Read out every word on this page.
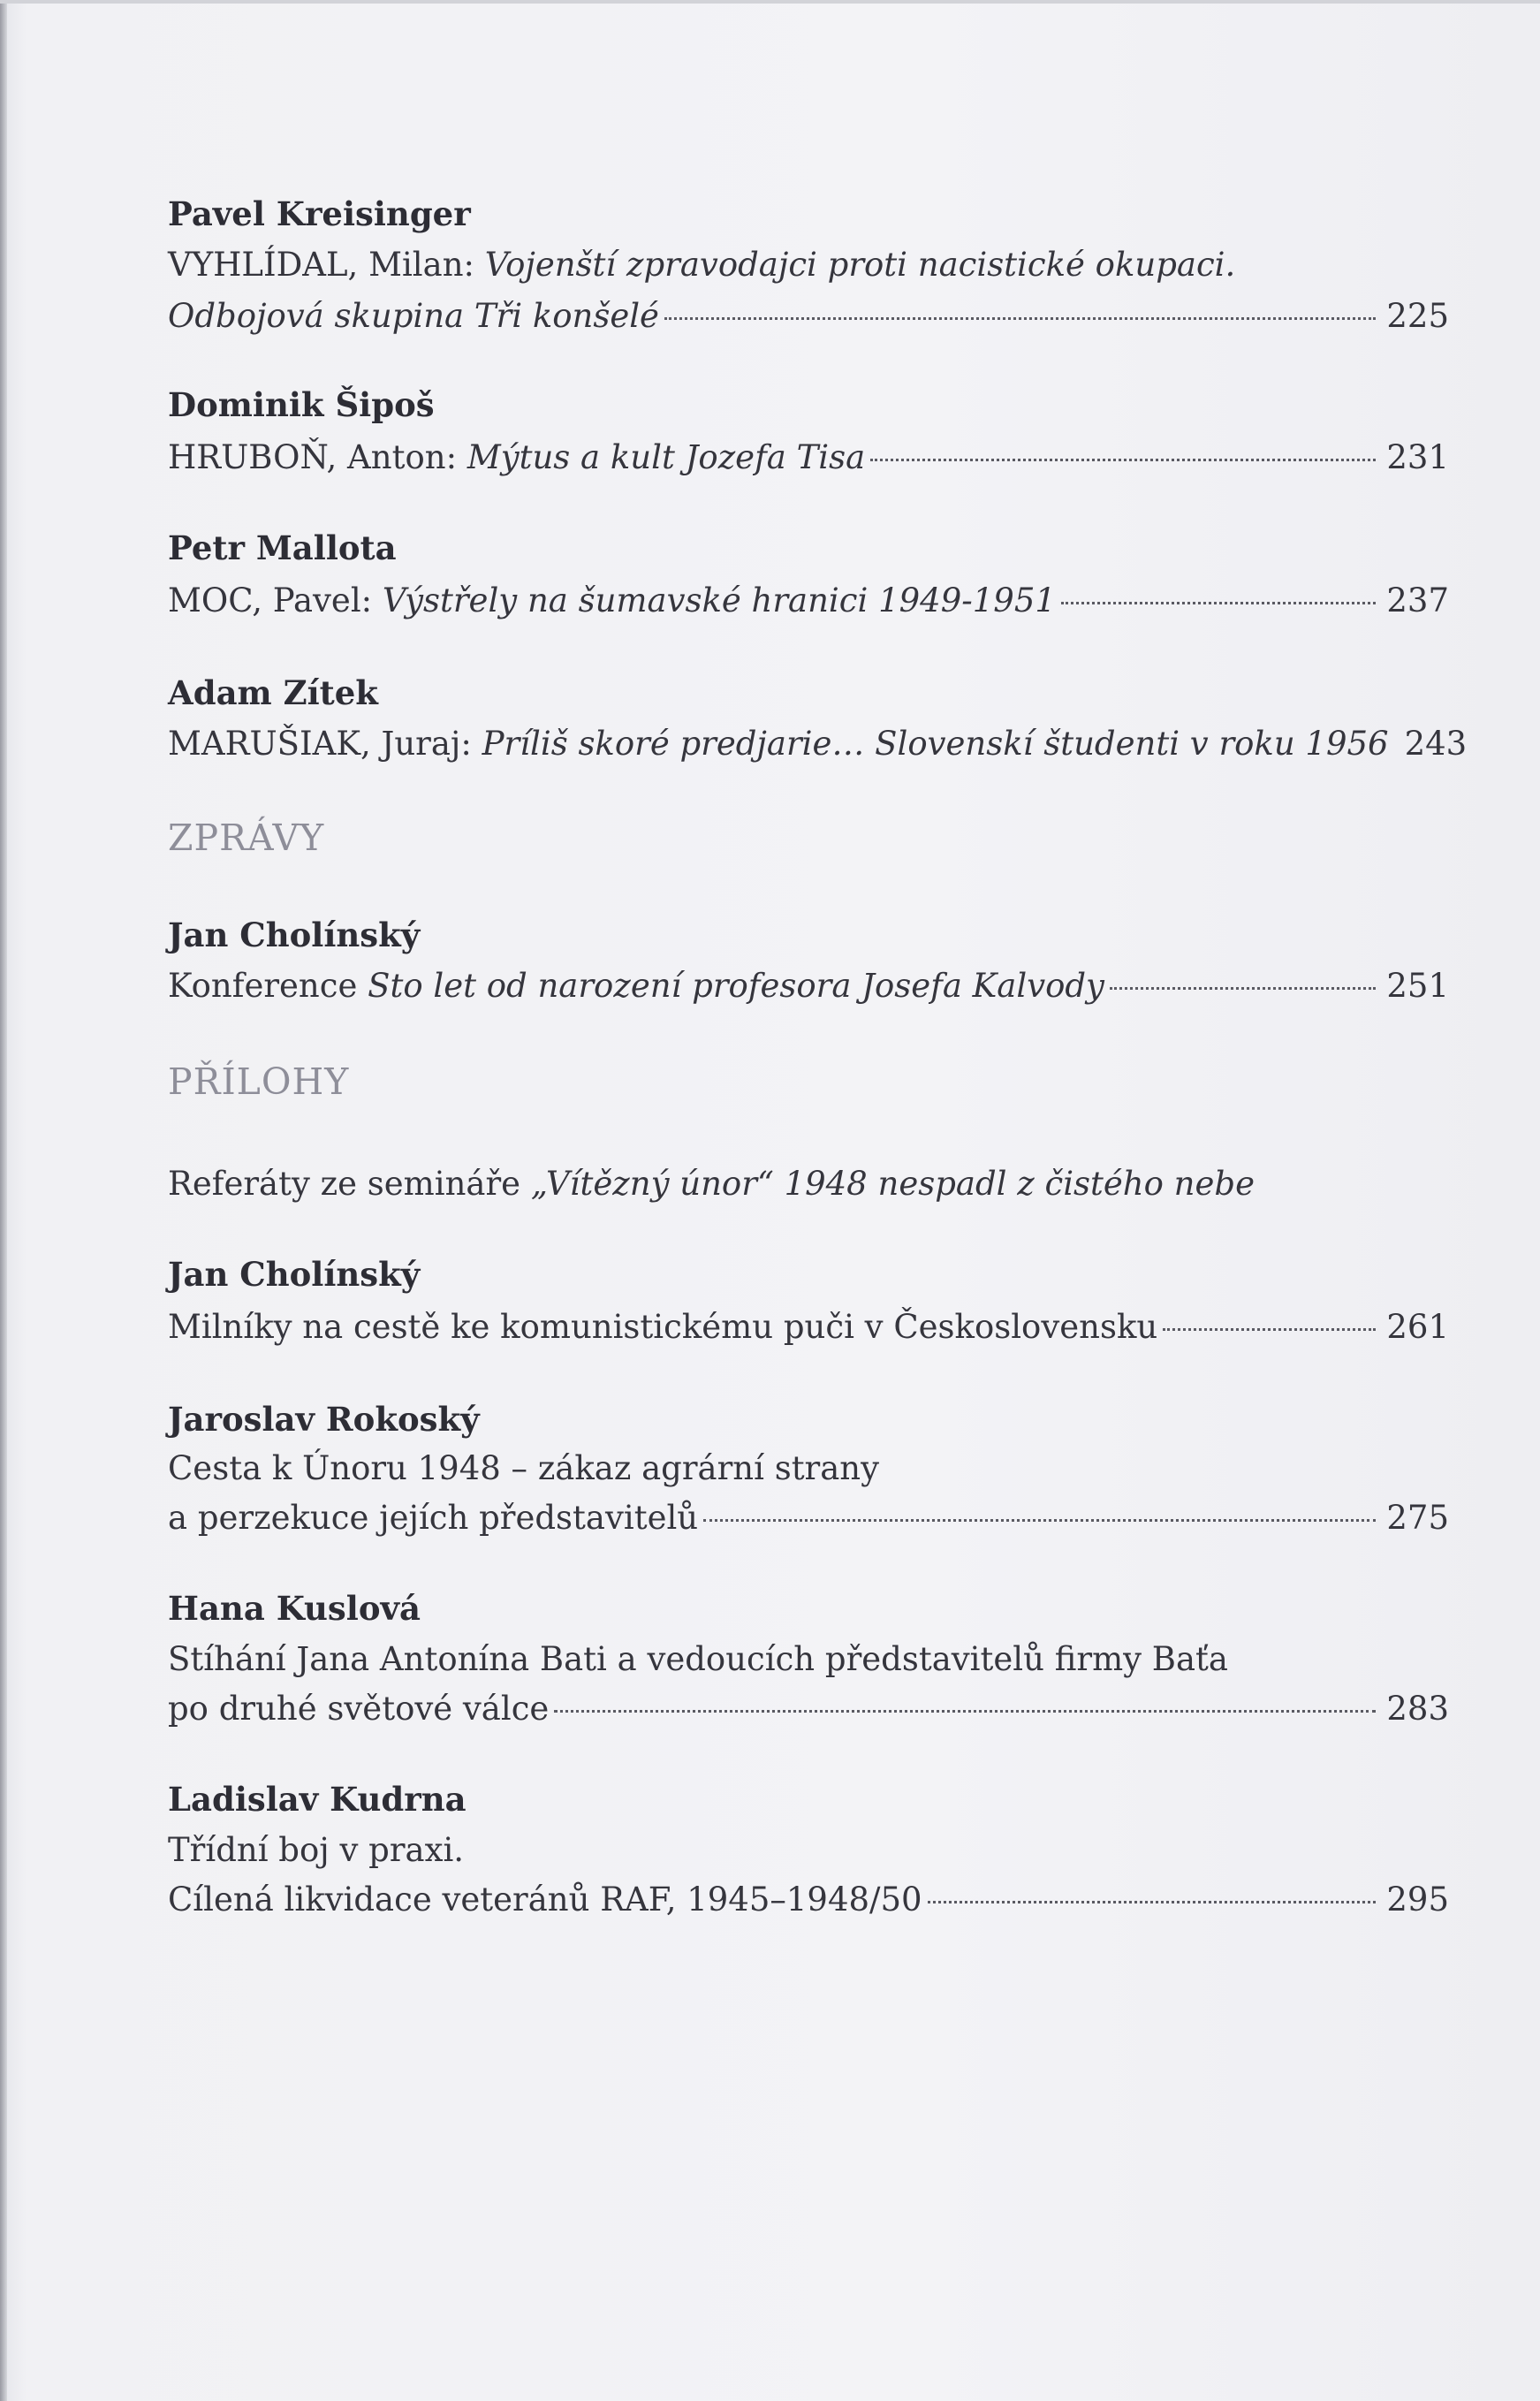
Pavel Kreisinger
VYHLÍDAL, Milan: Vojenští zpravodajci proti nacistické okupaci.
Odbojová skupina Tři konšelé	225
Dominik Šipoš
HRUBOŇ, Anton: Mýtus a kult Jozefa Tisa	231
Petr Mallota
MOC, Pavel: Výstřely na šumavské hranici 1949-1951	237
Adam Zítek
MARUŠIAK, Juraj: Príliš skoré predjarie… Slovenskí študenti v roku 1956 243
ZPRÁVY
Jan Cholínský
Konference Sto let od narození profesora Josefa Kalvody	251
PŘÍLOHY
Referáty ze semináře „Vítězný únor“ 1948 nespadl z čistého nebe
Jan Cholínský
Milníky na cestě ke komunistickému puči v Československu	261
Jaroslav Rokoský
Cesta k Únoru 1948 – zákaz agrární strany
a perzekuce jejích představitelů	275
Hana Kuslová
Stíhání Jana Antonína Bati a vedoucích představitelů firmy Baťa
po druhé světové válce	283
Ladislav Kudrna
Třídní boj v praxi.
Cílená likvidace veteránů RAF, 1945–1948/50	295
